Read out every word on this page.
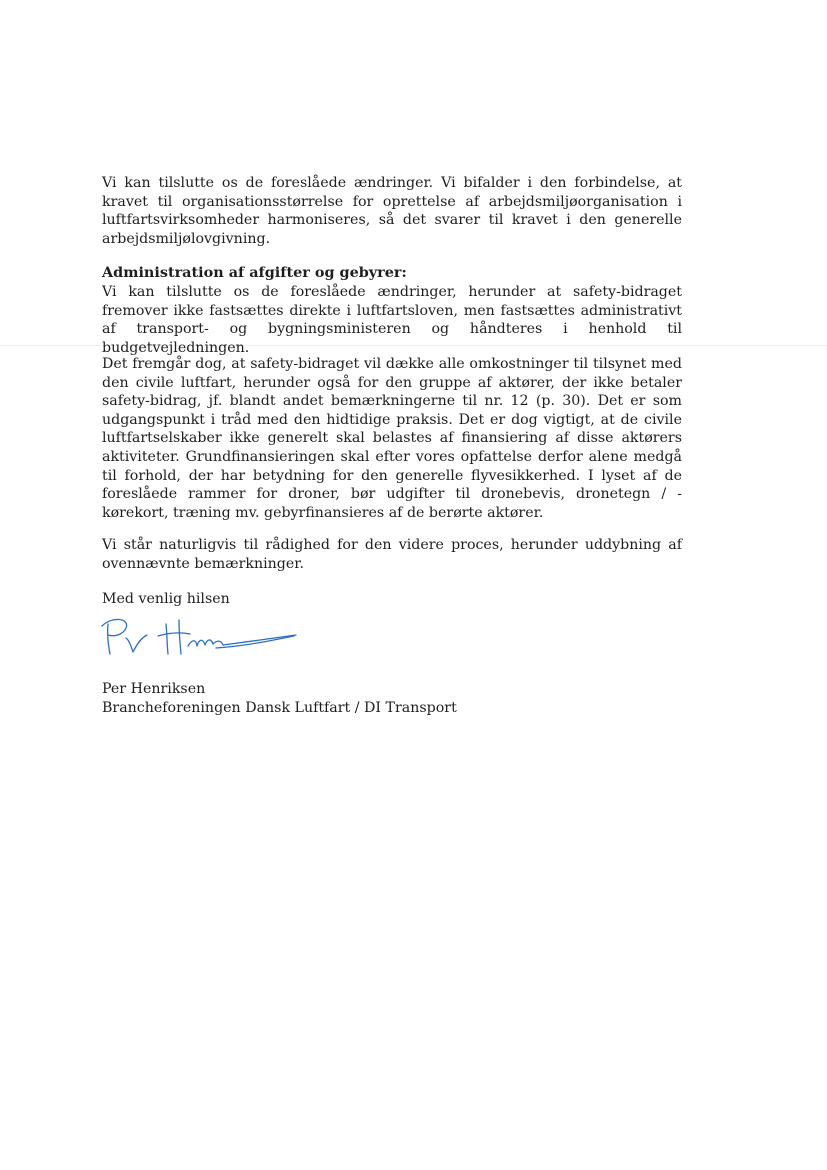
Vi kan tilslutte os de foreslåede ændringer. Vi bifalder i den forbindelse, at kravet til organisationsstørrelse for oprettelse af arbejdsmiljøorganisation i luftfartsvirksomheder harmoniseres, så det svarer til kravet i den generelle arbejdsmiljølovgivning.

Administration af afgifter og gebyrer:

Vi kan tilslutte os de foreslåede ændringer, herunder at safety-bidraget fremover ikke fastsættes direkte i luftfartsloven, men fastsættes administrativt af transport- og bygningsministeren og håndteres i henhold til budgetvejledningen.

Det fremgår dog, at safety-bidraget vil dække alle omkostninger til tilsynet med den civile luftfart, herunder også for den gruppe af aktører, der ikke betaler safety-bidrag, jf. blandt andet bemærkningerne til nr. 12 (p. 30). Det er som udgangspunkt i tråd med den hidtidige praksis. Det er dog vigtigt, at de civile luftfartselskaber ikke generelt skal belastes af finansiering af disse aktørers aktiviteter. Grundfinansieringen skal efter vores opfattelse derfor alene medgå til forhold, der har betydning for den generelle flyvesikkerhed. I lyset af de foreslåede rammer for droner, bør udgifter til dronebevis, dronetegn / -kørekort, træning mv. gebyrfinansieres af de berørte aktører.

Vi står naturligvis til rådighed for den videre proces, herunder uddybning af ovennævnte bemærkninger.

Med venlig hilsen

Per Henriksen

Brancheforeningen Dansk Luftfart / DI Transport
